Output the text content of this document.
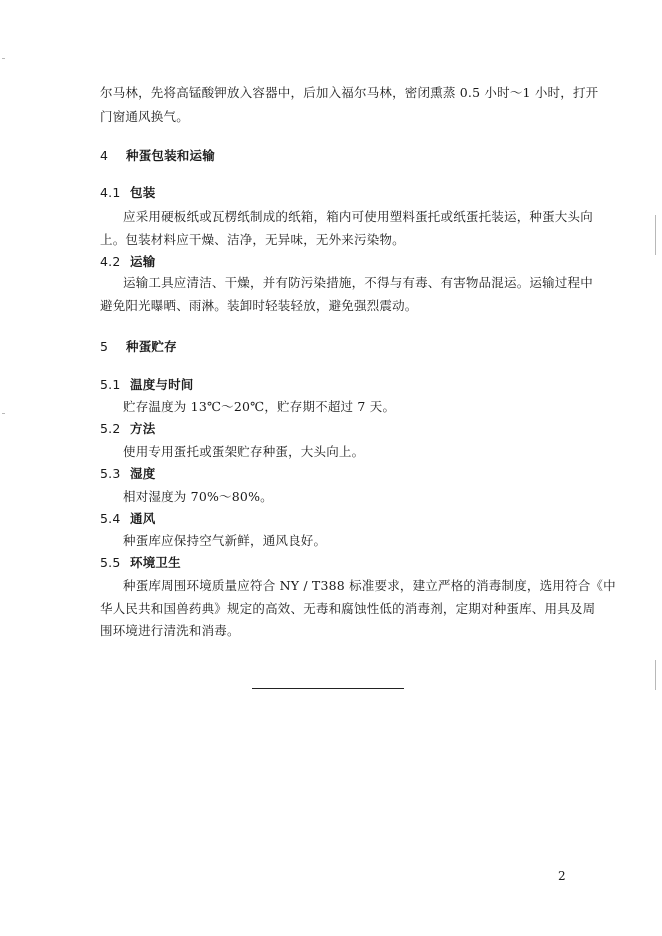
尔马林，先将高锰酸钾放入容器中，后加入福尔马林，密闭熏蒸 0.5 小时～1 小时，打开
门窗通风换气。
4 种蛋包装和运输
4.1 包装
应采用硬板纸或瓦楞纸制成的纸箱，箱内可使用塑料蛋托或纸蛋托装运，种蛋大头向
上。包装材料应干燥、洁净，无异味，无外来污染物。
4.2 运输
运输工具应清洁、干燥，并有防污染措施，不得与有毒、有害物品混运。运输过程中
避免阳光曝晒、雨淋。装卸时轻装轻放，避免强烈震动。
5 种蛋贮存
5.1 温度与时间
贮存温度为 13℃～20℃，贮存期不超过 7 天。
5.2 方法
使用专用蛋托或蛋架贮存种蛋，大头向上。
5.3 湿度
相对湿度为 70%～80%。
5.4 通风
种蛋库应保持空气新鲜，通风良好。
5.5 环境卫生
种蛋库周围环境质量应符合 NY / T388 标准要求，建立严格的消毒制度，选用符合《中
华人民共和国兽药典》规定的高效、无毒和腐蚀性低的消毒剂，定期对种蛋库、用具及周
围环境进行清洗和消毒。
2
